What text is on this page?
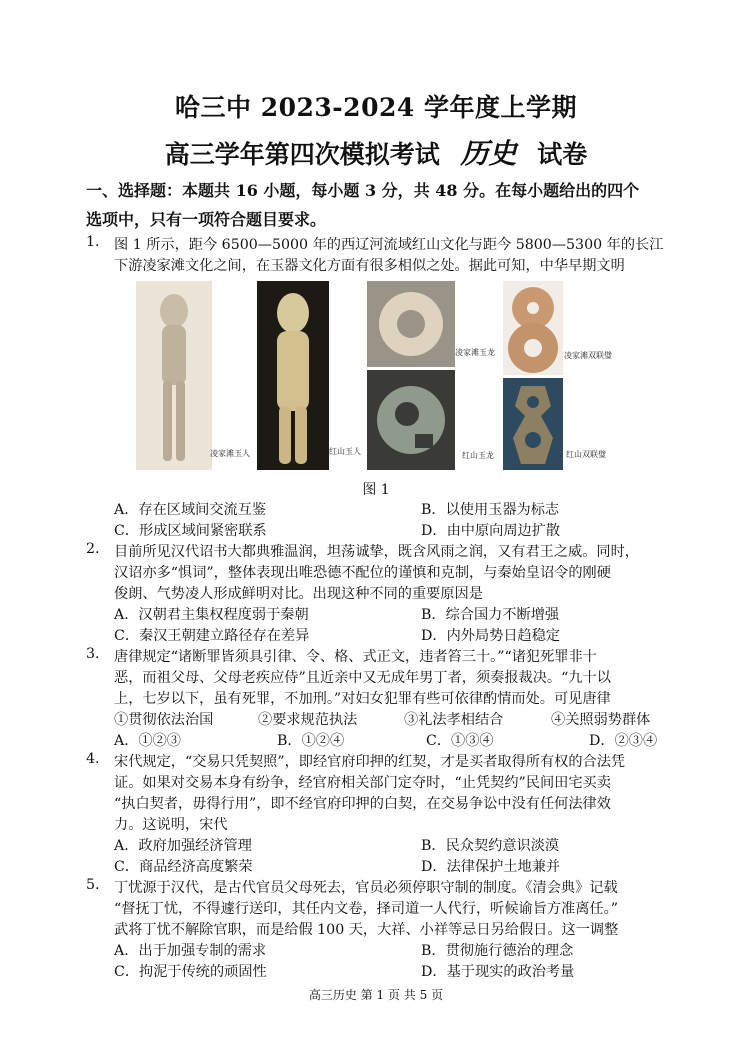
哈三中 2023-2024 学年度上学期
高三学年第四次模拟考试 历史 试卷
一、选择题：本题共 16 小题，每小题 3 分，共 48 分。在每小题给出的四个
选项中，只有一项符合题目要求。
1. 图 1 所示，距今 6500—5000 年的西辽河流域红山文化与距今 5800—5300 年的长江
下游凌家滩文化之间，在玉器文化方面有很多相似之处。据此可知，中华早期文明
凌家滩玉人	红山玉人
凌家滩玉龙	凌家滩双联璧
红山玉龙	红山双联璧
图 1
A．存在区域间交流互鉴	B．以使用玉器为标志
C．形成区域间紧密联系	D．由中原向周边扩散
2. 目前所见汉代诏书大都典雅温润，坦荡诚挚，既含风雨之润，又有君王之威。同时，
汉诏亦多“惧词”，整体表现出唯恐德不配位的谨慎和克制，与秦始皇诏令的刚硬
俊朗、气势凌人形成鲜明对比。出现这种不同的重要原因是
A．汉朝君主集权程度弱于秦朝	B．综合国力不断增强
C．秦汉王朝建立路径存在差异	D．内外局势日趋稳定
3. 唐律规定“诸断罪皆须具引律、令、格、式正文，违者笞三十。”“诸犯死罪非十
恶，而祖父母、父母老疾应侍”且近亲中又无成年男丁者，须奏报裁决。“九十以
上，七岁以下，虽有死罪，不加刑。”对妇女犯罪有些可依律酌情而处。可见唐律
①贯彻依法治国	②要求规范执法	③礼法孝相结合	④关照弱势群体
A．①②③	B．①②④	C．①③④	D．②③④
4. 宋代规定，“交易只凭契照”，即经官府印押的红契，才是买者取得所有权的合法凭
证。如果对交易本身有纷争，经官府相关部门定夺时，“止凭契约”民间田宅买卖
“执白契者，毋得行用”，即不经官府印押的白契，在交易争讼中没有任何法律效
力。这说明，宋代
A．政府加强经济管理	B．民众契约意识淡漠
C．商品经济高度繁荣	D．法律保护土地兼并
5. 丁忧源于汉代，是古代官员父母死去，官员必须停职守制的制度。《清会典》记载
“督抚丁忧，不得遽行送印，其任内文卷，择司道一人代行，听候谕旨方准离任。”
武将丁忧不解除官职，而是给假 100 天，大祥、小祥等忌日另给假日。这一调整
A．出于加强专制的需求	B．贯彻施行德治的理念
C．拘泥于传统的顽固性	D．基于现实的政治考量
高三历史 第 1 页 共 5 页
